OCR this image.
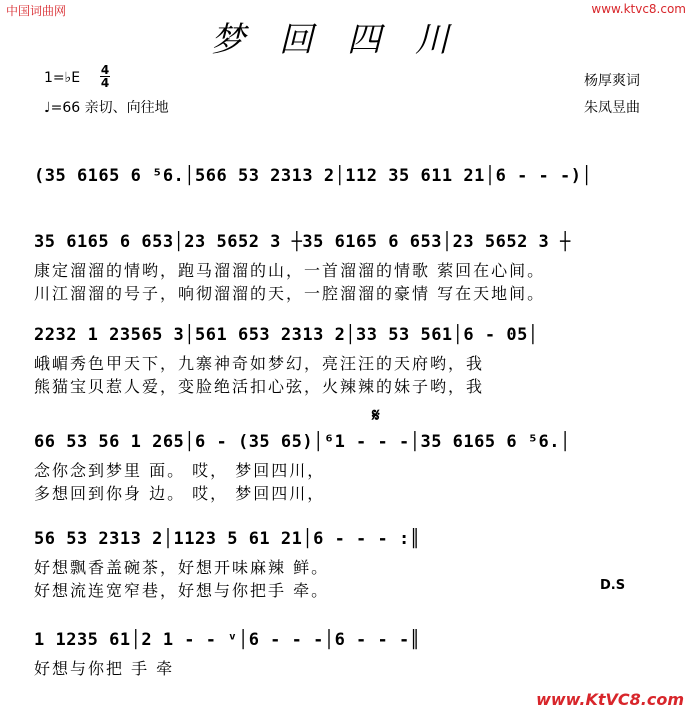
中国词曲网	www.ktvc8.com
梦回四川
1=♭E 4
4
♩=66 亲切、向往地
杨厚爽词
朱凤昱曲
(35 6165 6 ⁵6.│566 53 2313 2│112 35 611 21│6 - - -)│
35 6165 6 653│23 5652 3 ┼35 6165 6 653│23 5652 3 ┼
康定溜溜的情哟，跑马溜溜的山，一首溜溜的情歌 萦回在心间。
川江溜溜的号子，响彻溜溜的天，一腔溜溜的豪情 写在天地间。
2232 1 23565 3│561 653 2313 2│33 53 561│6 - 05│
峨嵋秀色甲天下，九寨神奇如梦幻，亮汪汪的天府哟，我
熊猫宝贝惹人爱，变脸绝活扣心弦，火辣辣的妹子哟，我
𝄋
66 53 56 1 265│6 - (35 65)│⁶1 - - -│35 6165 6 ⁵6.│
念你念到梦里 面。 哎， 梦回四川，
多想回到你身 边。 哎， 梦回四川，
56 53 2313 2│1123 5 61 21│6 - - - :║
好想飘香盖碗茶，好想开味麻辣 鲜。
好想流连宽窄巷，好想与你把手 牵。	D.S
1 1235 61│2 1 - - ᵛ│6 - - -│6 - - -║
好想与你把 手 牵
www.KtVC8.com
